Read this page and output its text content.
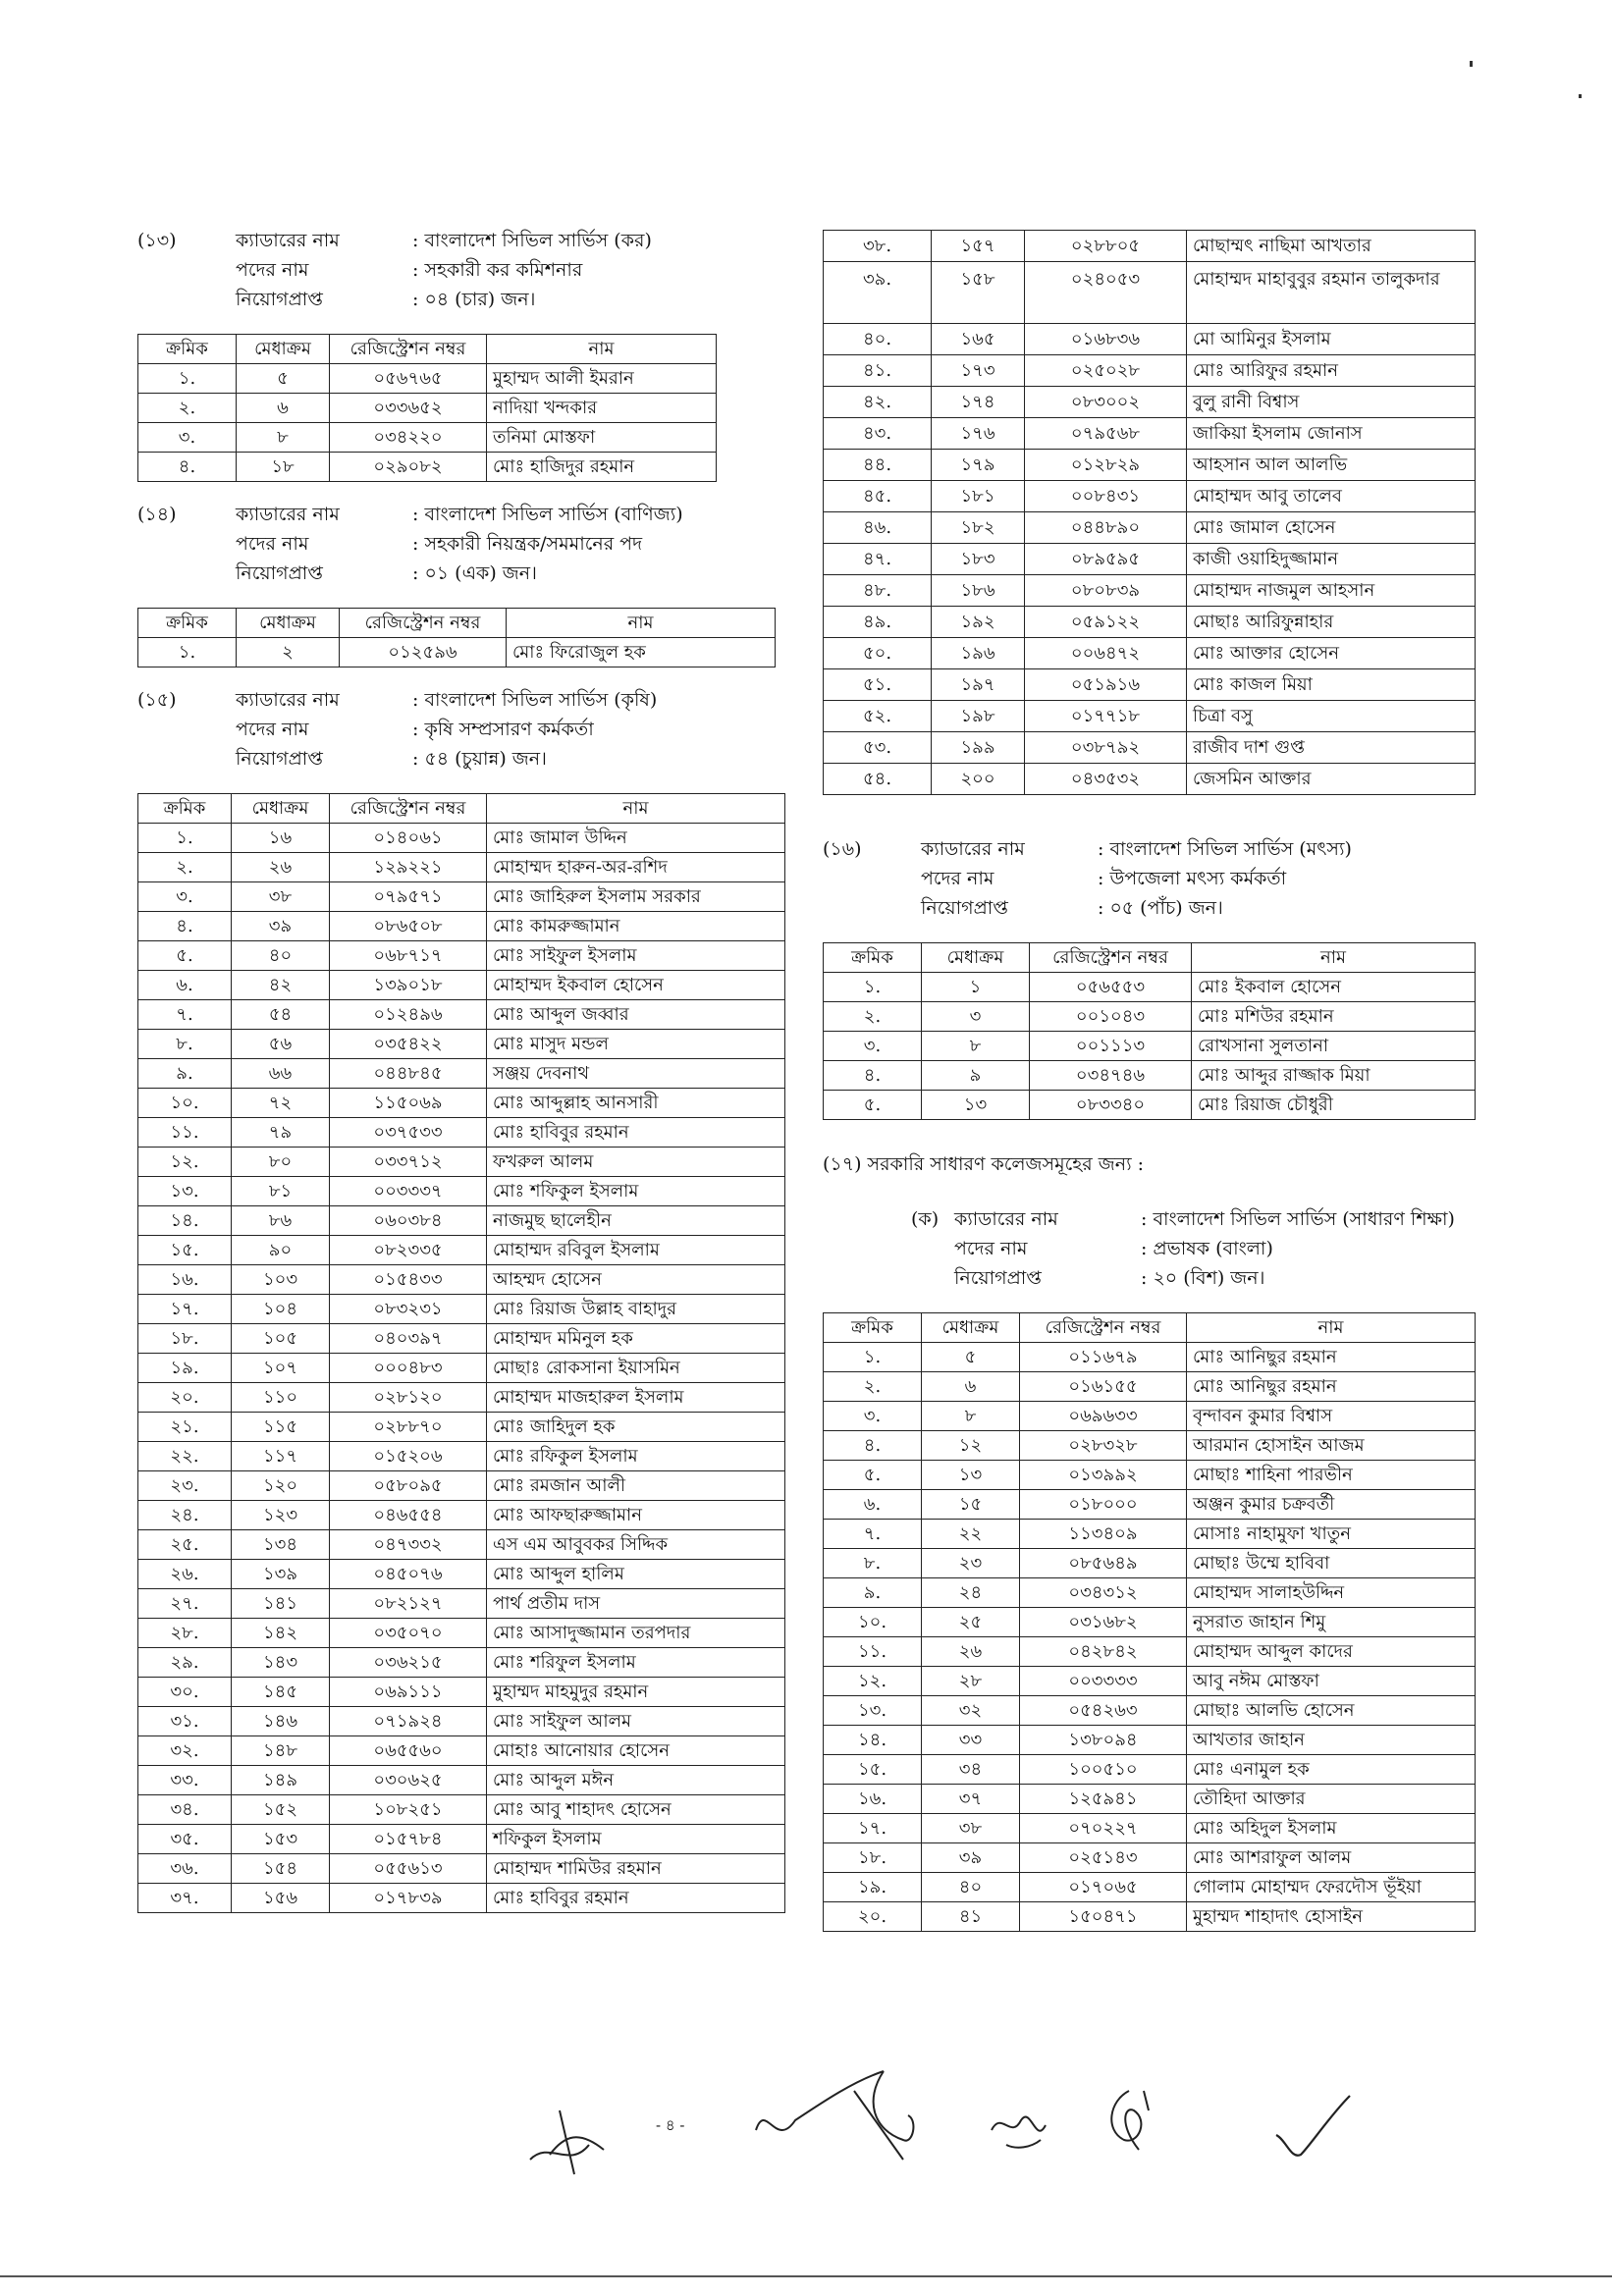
(১৩)	ক্যাডারের নাম	: বাংলাদেশ সিভিল সার্ভিস (কর)
পদের নাম	: সহকারী কর কমিশনার
নিয়োগপ্রাপ্ত	: ০৪ (চার) জন।
ক্রমিক	মেধাক্রম	রেজিস্ট্রেশন নম্বর	নাম
১.	৫	০৫৬৭৬৫	মুহাম্মদ আলী ইমরান
২.	৬	০৩৩৬৫২	নাদিয়া খন্দকার
৩.	৮	০৩৪২২০	তনিমা মোস্তফা
৪.	১৮	০২৯০৮২	মোঃ হাজিদুর রহমান
(১৪)	ক্যাডারের নাম	: বাংলাদেশ সিভিল সার্ভিস (বাণিজ্য)
পদের নাম	: সহকারী নিয়ন্ত্রক/সমমানের পদ
নিয়োগপ্রাপ্ত	: ০১ (এক) জন।
ক্রমিক	মেধাক্রম	রেজিস্ট্রেশন নম্বর	নাম
১.	২	০১২৫৯৬	মোঃ ফিরোজুল হক
(১৫)	ক্যাডারের নাম	: বাংলাদেশ সিভিল সার্ভিস (কৃষি)
পদের নাম	: কৃষি সম্প্রসারণ কর্মকর্তা
নিয়োগপ্রাপ্ত	: ৫৪ (চুয়ান্ন) জন।
ক্রমিক	মেধাক্রম	রেজিস্ট্রেশন নম্বর	নাম
১.	১৬	০১৪০৬১	মোঃ জামাল উদ্দিন
২.	২৬	১২৯২২১	মোহাম্মদ হারুন-অর-রশিদ
৩.	৩৮	০৭৯৫৭১	মোঃ জাহিরুল ইসলাম সরকার
৪.	৩৯	০৮৬৫০৮	মোঃ কামরুজ্জামান
৫.	৪০	০৬৮৭১৭	মোঃ সাইফুল ইসলাম
৬.	৪২	১৩৯০১৮	মোহাম্মদ ইকবাল হোসেন
৭.	৫৪	০১২৪৯৬	মোঃ আব্দুল জব্বার
৮.	৫৬	০৩৫৪২২	মোঃ মাসুদ মন্ডল
৯.	৬৬	০৪৪৮৪৫	সঞ্জয় দেবনাথ
১০.	৭২	১১৫০৬৯	মোঃ আব্দুল্লাহ আনসারী
১১.	৭৯	০৩৭৫৩৩	মোঃ হাবিবুর রহমান
১২.	৮০	০৩৩৭১২	ফখরুল আলম
১৩.	৮১	০০৩৩৩৭	মোঃ শফিকুল ইসলাম
১৪.	৮৬	০৬০৩৮৪	নাজমুছ ছালেহীন
১৫.	৯০	০৮২৩৩৫	মোহাম্মদ রবিবুল ইসলাম
১৬.	১০৩	০১৫৪৩৩	আহম্মদ হোসেন
১৭.	১০৪	০৮৩২৩১	মোঃ রিয়াজ উল্লাহ বাহাদুর
১৮.	১০৫	০৪০৩৯৭	মোহাম্মদ মমিনুল হক
১৯.	১০৭	০০০৪৮৩	মোছাঃ রোকসানা ইয়াসমিন
২০.	১১০	০২৮১২০	মোহাম্মদ মাজহারুল ইসলাম
২১.	১১৫	০২৮৮৭০	মোঃ জাহিদুল হক
২২.	১১৭	০১৫২০৬	মোঃ রফিকুল ইসলাম
২৩.	১২০	০৫৮০৯৫	মোঃ রমজান আলী
২৪.	১২৩	০৪৬৫৫৪	মোঃ আফছারুজ্জামান
২৫.	১৩৪	০৪৭৩৩২	এস এম আবুবকর সিদ্দিক
২৬.	১৩৯	০৪৫০৭৬	মোঃ আব্দুল হালিম
২৭.	১৪১	০৮২১২৭	পার্থ প্রতীম দাস
২৮.	১৪২	০৩৫০৭০	মোঃ আসাদুজ্জামান তরপদার
২৯.	১৪৩	০৩৬২১৫	মোঃ শরিফুল ইসলাম
৩০.	১৪৫	০৬৯১১১	মুহাম্মদ মাহমুদুর রহমান
৩১.	১৪৬	০৭১৯২৪	মোঃ সাইফুল আলম
৩২.	১৪৮	০৬৫৫৬০	মোহাঃ আনোয়ার হোসেন
৩৩.	১৪৯	০৩০৬২৫	মোঃ আব্দুল মঈন
৩৪.	১৫২	১০৮২৫১	মোঃ আবু শাহাদৎ হোসেন
৩৫.	১৫৩	০১৫৭৮৪	শফিকুল ইসলাম
৩৬.	১৫৪	০৫৫৬১৩	মোহাম্মদ শামিউর রহমান
৩৭.	১৫৬	০১৭৮৩৯	মোঃ হাবিবুর রহমান
৩৮.	১৫৭	০২৮৮০৫	মোছাম্মৎ নাছিমা আখতার
৩৯.	১৫৮	০২৪০৫৩	মোহাম্মদ মাহাবুবুর রহমান তালুকদার
৪০.	১৬৫	০১৬৮৩৬	মো আমিনুর ইসলাম
৪১.	১৭৩	০২৫০২৮	মোঃ আরিফুর রহমান
৪২.	১৭৪	০৮৩০০২	বুলু রানী বিশ্বাস
৪৩.	১৭৬	০৭৯৫৬৮	জাকিয়া ইসলাম জোনাস
৪৪.	১৭৯	০১২৮২৯	আহসান আল আলভি
৪৫.	১৮১	০০৮৪৩১	মোহাম্মদ আবু তালেব
৪৬.	১৮২	০৪৪৮৯০	মোঃ জামাল হোসেন
৪৭.	১৮৩	০৮৯৫৯৫	কাজী ওয়াহিদুজ্জামান
৪৮.	১৮৬	০৮০৮৩৯	মোহাম্মদ নাজমুল আহসান
৪৯.	১৯২	০৫৯১২২	মোছাঃ আরিফুন্নাহার
৫০.	১৯৬	০০৬৪৭২	মোঃ আক্তার হোসেন
৫১.	১৯৭	০৫১৯১৬	মোঃ কাজল মিয়া
৫২.	১৯৮	০১৭৭১৮	চিত্রা বসু
৫৩.	১৯৯	০৩৮৭৯২	রাজীব দাশ গুপ্ত
৫৪.	২০০	০৪৩৫৩২	জেসমিন আক্তার
(১৬)	ক্যাডারের নাম	: বাংলাদেশ সিভিল সার্ভিস (মৎস্য)
পদের নাম	: উপজেলা মৎস্য কর্মকর্তা
নিয়োগপ্রাপ্ত	: ০৫ (পাঁচ) জন।
ক্রমিক	মেধাক্রম	রেজিস্ট্রেশন নম্বর	নাম
১.	১	০৫৬৫৫৩	মোঃ ইকবাল হোসেন
২.	৩	০০১০৪৩	মোঃ মশিউর রহমান
৩.	৮	০০১১১৩	রোখসানা সুলতানা
৪.	৯	০৩৪৭৪৬	মোঃ আব্দুর রাজ্জাক মিয়া
৫.	১৩	০৮৩৩৪০	মোঃ রিয়াজ চৌধুরী
(১৭) সরকারি সাধারণ কলেজসমূহের জন্য :
(ক) ক্যাডারের নাম	: বাংলাদেশ সিভিল সার্ভিস (সাধারণ শিক্ষা)
পদের নাম	: প্রভাষক (বাংলা)
নিয়োগপ্রাপ্ত	: ২০ (বিশ) জন।
ক্রমিক	মেধাক্রম	রেজিস্ট্রেশন নম্বর	নাম
১.	৫	০১১৬৭৯	মোঃ আনিছুর রহমান
২.	৬	০১৬১৫৫	মোঃ আনিছুর রহমান
৩.	৮	০৬৯৬৩৩	বৃন্দাবন কুমার বিশ্বাস
৪.	১২	০২৮৩২৮	আরমান হোসাইন আজম
৫.	১৩	০১৩৯৯২	মোছাঃ শাহিনা পারভীন
৬.	১৫	০১৮০০০	অঞ্জন কুমার চক্রবর্তী
৭.	২২	১১৩৪০৯	মোসাঃ নাহামুফা খাতুন
৮.	২৩	০৮৫৬৪৯	মোছাঃ উম্মে হাবিবা
৯.	২৪	০৩৪৩১২	মোহাম্মদ সালাহউদ্দিন
১০.	২৫	০৩১৬৮২	নুসরাত জাহান শিমু
১১.	২৬	০৪২৮৪২	মোহাম্মদ আব্দুল কাদের
১২.	২৮	০০৩৩৩৩	আবু নঈম মোস্তফা
১৩.	৩২	০৫৪২৬৩	মোছাঃ আলভি হোসেন
১৪.	৩৩	১৩৮০৯৪	আখতার জাহান
১৫.	৩৪	১০০৫১০	মোঃ এনামুল হক
১৬.	৩৭	১২৫৯৪১	তৌহিদা আক্তার
১৭.	৩৮	০৭০২২৭	মোঃ অহিদুল ইসলাম
১৮.	৩৯	০২৫১৪৩	মোঃ আশরাফুল আলম
১৯.	৪০	০১৭০৬৫	গোলাম মোহাম্মদ ফেরদৌস ভূঁইয়া
২০.	৪১	১৫০৪৭১	মুহাম্মদ শাহাদাৎ হোসাইন
- ৪ -
